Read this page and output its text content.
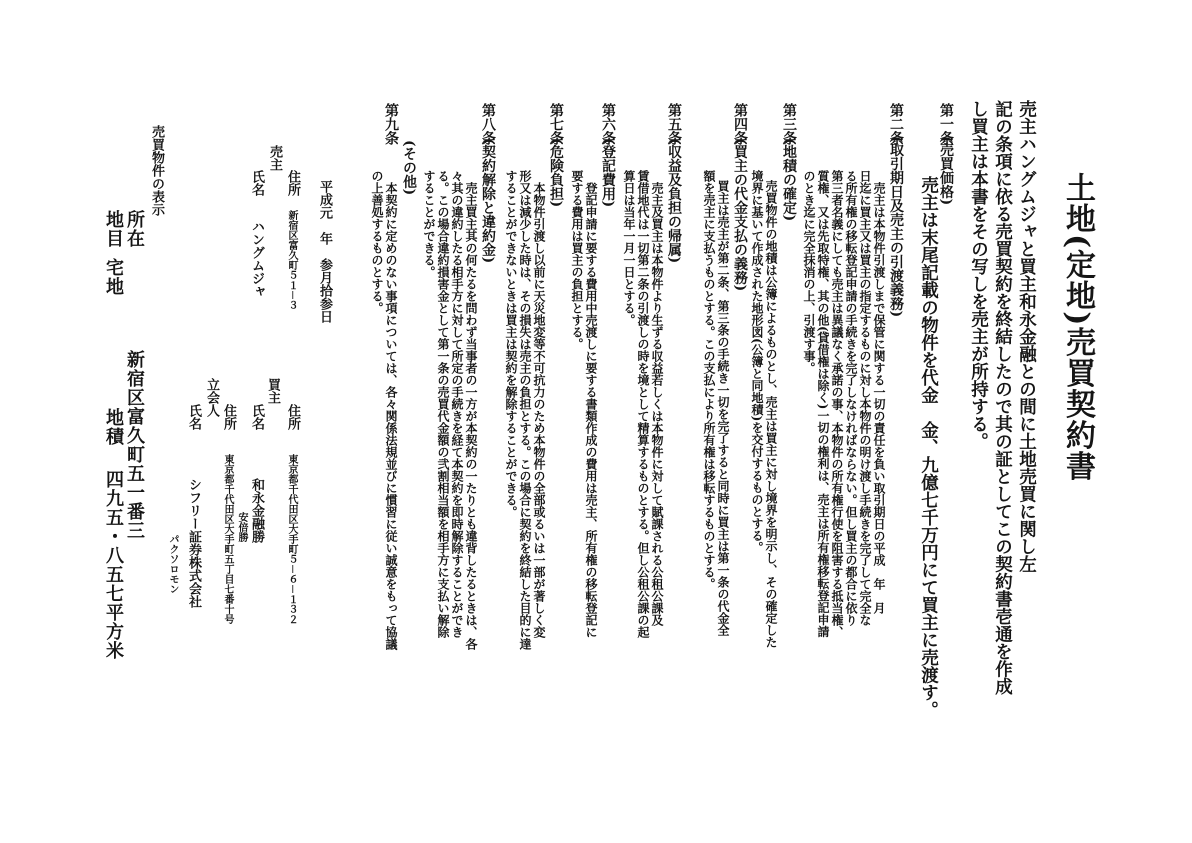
土地(定地)売買契約書
売主ハングムジャと買主和永金融との間に土地売買に関し左
記の条項に依る売買契約を終結したので其の証としてこの契約書壱通を作成
し買主は本書をその写しを売主が所持する。
第一条
(売買価格)
売主は末尾記載の物件を代金　金、九億七千万円にて買主に売渡す。
第二条
(取引期日及売主の引渡義務)
売主は本物件引渡しまで保管に関する一切の責任を負い取引期日の平成　年　月
日迄に買主又は買主の指定するものに対し本物件の明け渡し手続きを完了して完全な
る所有権の移転登記申請の手続きを完了しなければならない。但し買主の都合に依り
第三者名義にしても売主は異議なく承諾の事、本物件の所有権行使を阻害する抵当権、
質権、又は先取特権、其の他(貸借権は除く)一切の権利は、売主は所有権移転登記申請
のとき迄に完全抹消の上、引渡す事。
第三条
(地積の確定)
売買物件の地積は公簿によるものとし、売主は買主に対し境界を明示し、その確定した
境界に基いて作成された地形図(公簿と同地積)を交付するものとする。
第四条
(買主の代金支払の義務)
買主は売主が第二条、第三条の手続き一切を完了すると同時に買主は第一条の代金全
額を売主に支払うものとする。この支払により所有権は移転するものとする。
第五条
(収益及負担の帰属)
売主及買主は本物件より生ずる収益若しくは本物件に対して賦課される公租公課及
賃借地代は一切第二条の引渡しの時を境として精算するものとする。但し公租公課の起
算日は当年一月一日とする。
第六条
(登記費用)
登記申請に要する費用中売渡しに要する書類作成の費用は売主、所有権の移転登記に
要する費用は買主の負担とする。
第七条
(危険負担)
本物件引渡し以前に天災地変等不可抗力のため本物件の全部或るいは一部が著しく変
形又は減少した時は、その損失は売主の負担とする。この場合に契約を終結した目的に達
することができないときは買主は契約を解除することができる。
第八条
(契約解除と違約金)
売主買主其の何たるを問わず当事者の一方が本契約の一たりとも違背したるときは、各
々其の違約したる相手方に対して所定の手続きを経て本契約を即時解除することができ
る。この場合違約損害金として第一条の売買代金額の弐割相当額を相手方に支払い解除
することができる。
第九条
(その他)
本契約に定めのない事項については、各々関係法規並びに慣習に従い誠意をもって協議
の上善処するものとする。
平成元　年　参月拾参日
売主
住所
新宿区富久町５１－３
氏名
ハングムジャ
買主
住所
東京都千代田区大手町５－６－１３２
氏名
和永金融勝
安倍勝
立会人 住所
東京都千代田区大手町五丁目七番十号
氏名
シフリー証券株式会社
パクソロモン
売買物件の表示
所在
地目
宅地
新宿区富久町五一番三
地積
四九五・八五七平方米
